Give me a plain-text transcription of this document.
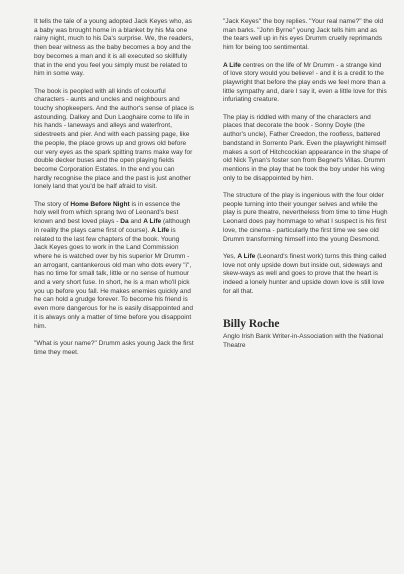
It tells the tale of a young adopted Jack Keyes who, as a baby was brought home in a blanket by his Ma one rainy night, much to his Da's surprise. We, the readers, then bear witness as the baby becomes a boy and the boy becomes a man and it is all executed so skillfully that in the end you feel you simply must be related to him in some way.

The book is peopled with all kinds of colourful characters - aunts and uncles and neighbours and touchy shopkeepers. And the author's sense of place is astounding. Dalkey and Dun Laoghaire come to life in his hands - laneways and alleys and waterfront, sidestreets and pier. And with each passing page, like the people, the place grows up and grows old before our very eyes as the spark spitting trams make way for double decker buses and the open playing fields become Corporation Estates. In the end you can hardly recognise the place and the past is just another lonely land that you'd be half afraid to visit.

The story of Home Before Night is in essence the holy well from which sprang two of Leonard's best known and best loved plays - Da and A Life (although in reality the plays came first of course). A Life is related to the last few chapters of the book. Young Jack Keyes goes to work in the Land Commission where he is watched over by his superior Mr Drumm - an arrogant, cantankerous old man who dots every "i", has no time for small talk, little or no sense of humour and a very short fuse. In short, he is a man who'll pick you up before you fall. He makes enemies quickly and he can hold a grudge forever. To become his friend is even more dangerous for he is easily disappointed and it is always only a matter of time before you disappoint him.

"What is your name?" Drumm asks young Jack the first time they meet.

"Jack Keyes" the boy replies. "Your real name?" the old man barks. "John Byrne" young Jack tells him and as the tears well up in his eyes Drumm cruelly reprimands him for being too sentimental.

A Life centres on the life of Mr Drumm - a strange kind of love story would you believe! - and it is a credit to the playwright that before the play ends we feel more than a little sympathy and, dare I say it, even a little love for this infuriating creature.

The play is riddled with many of the characters and places that decorate the book - Sonny Doyle (the author's uncle), Father Creedon, the roofless, battered bandstand in Sorrento Park. Even the playwright himself makes a sort of Hitchcockian appearance in the shape of old Nick Tynan's foster son from Begnet's Villas. Drumm mentions in the play that he took the boy under his wing only to be disappointed by him.

The structure of the play is ingenious with the four older people turning into their younger selves and while the play is pure theatre, nevertheless from time to time Hugh Leonard does pay hommage to what I suspect is his first love, the cinema - particularly the first time we see old Drumm transforming himself into the young Desmond.

Yes, A Life (Leonard's finest work) turns this thing called love not only upside down but inside out, sideways and skew-ways as well and goes to prove that the heart is indeed a lonely hunter and upside down love is still love for all that.

Billy Roche
Anglo Irish Bank Writer-in-Association with the National Theatre
